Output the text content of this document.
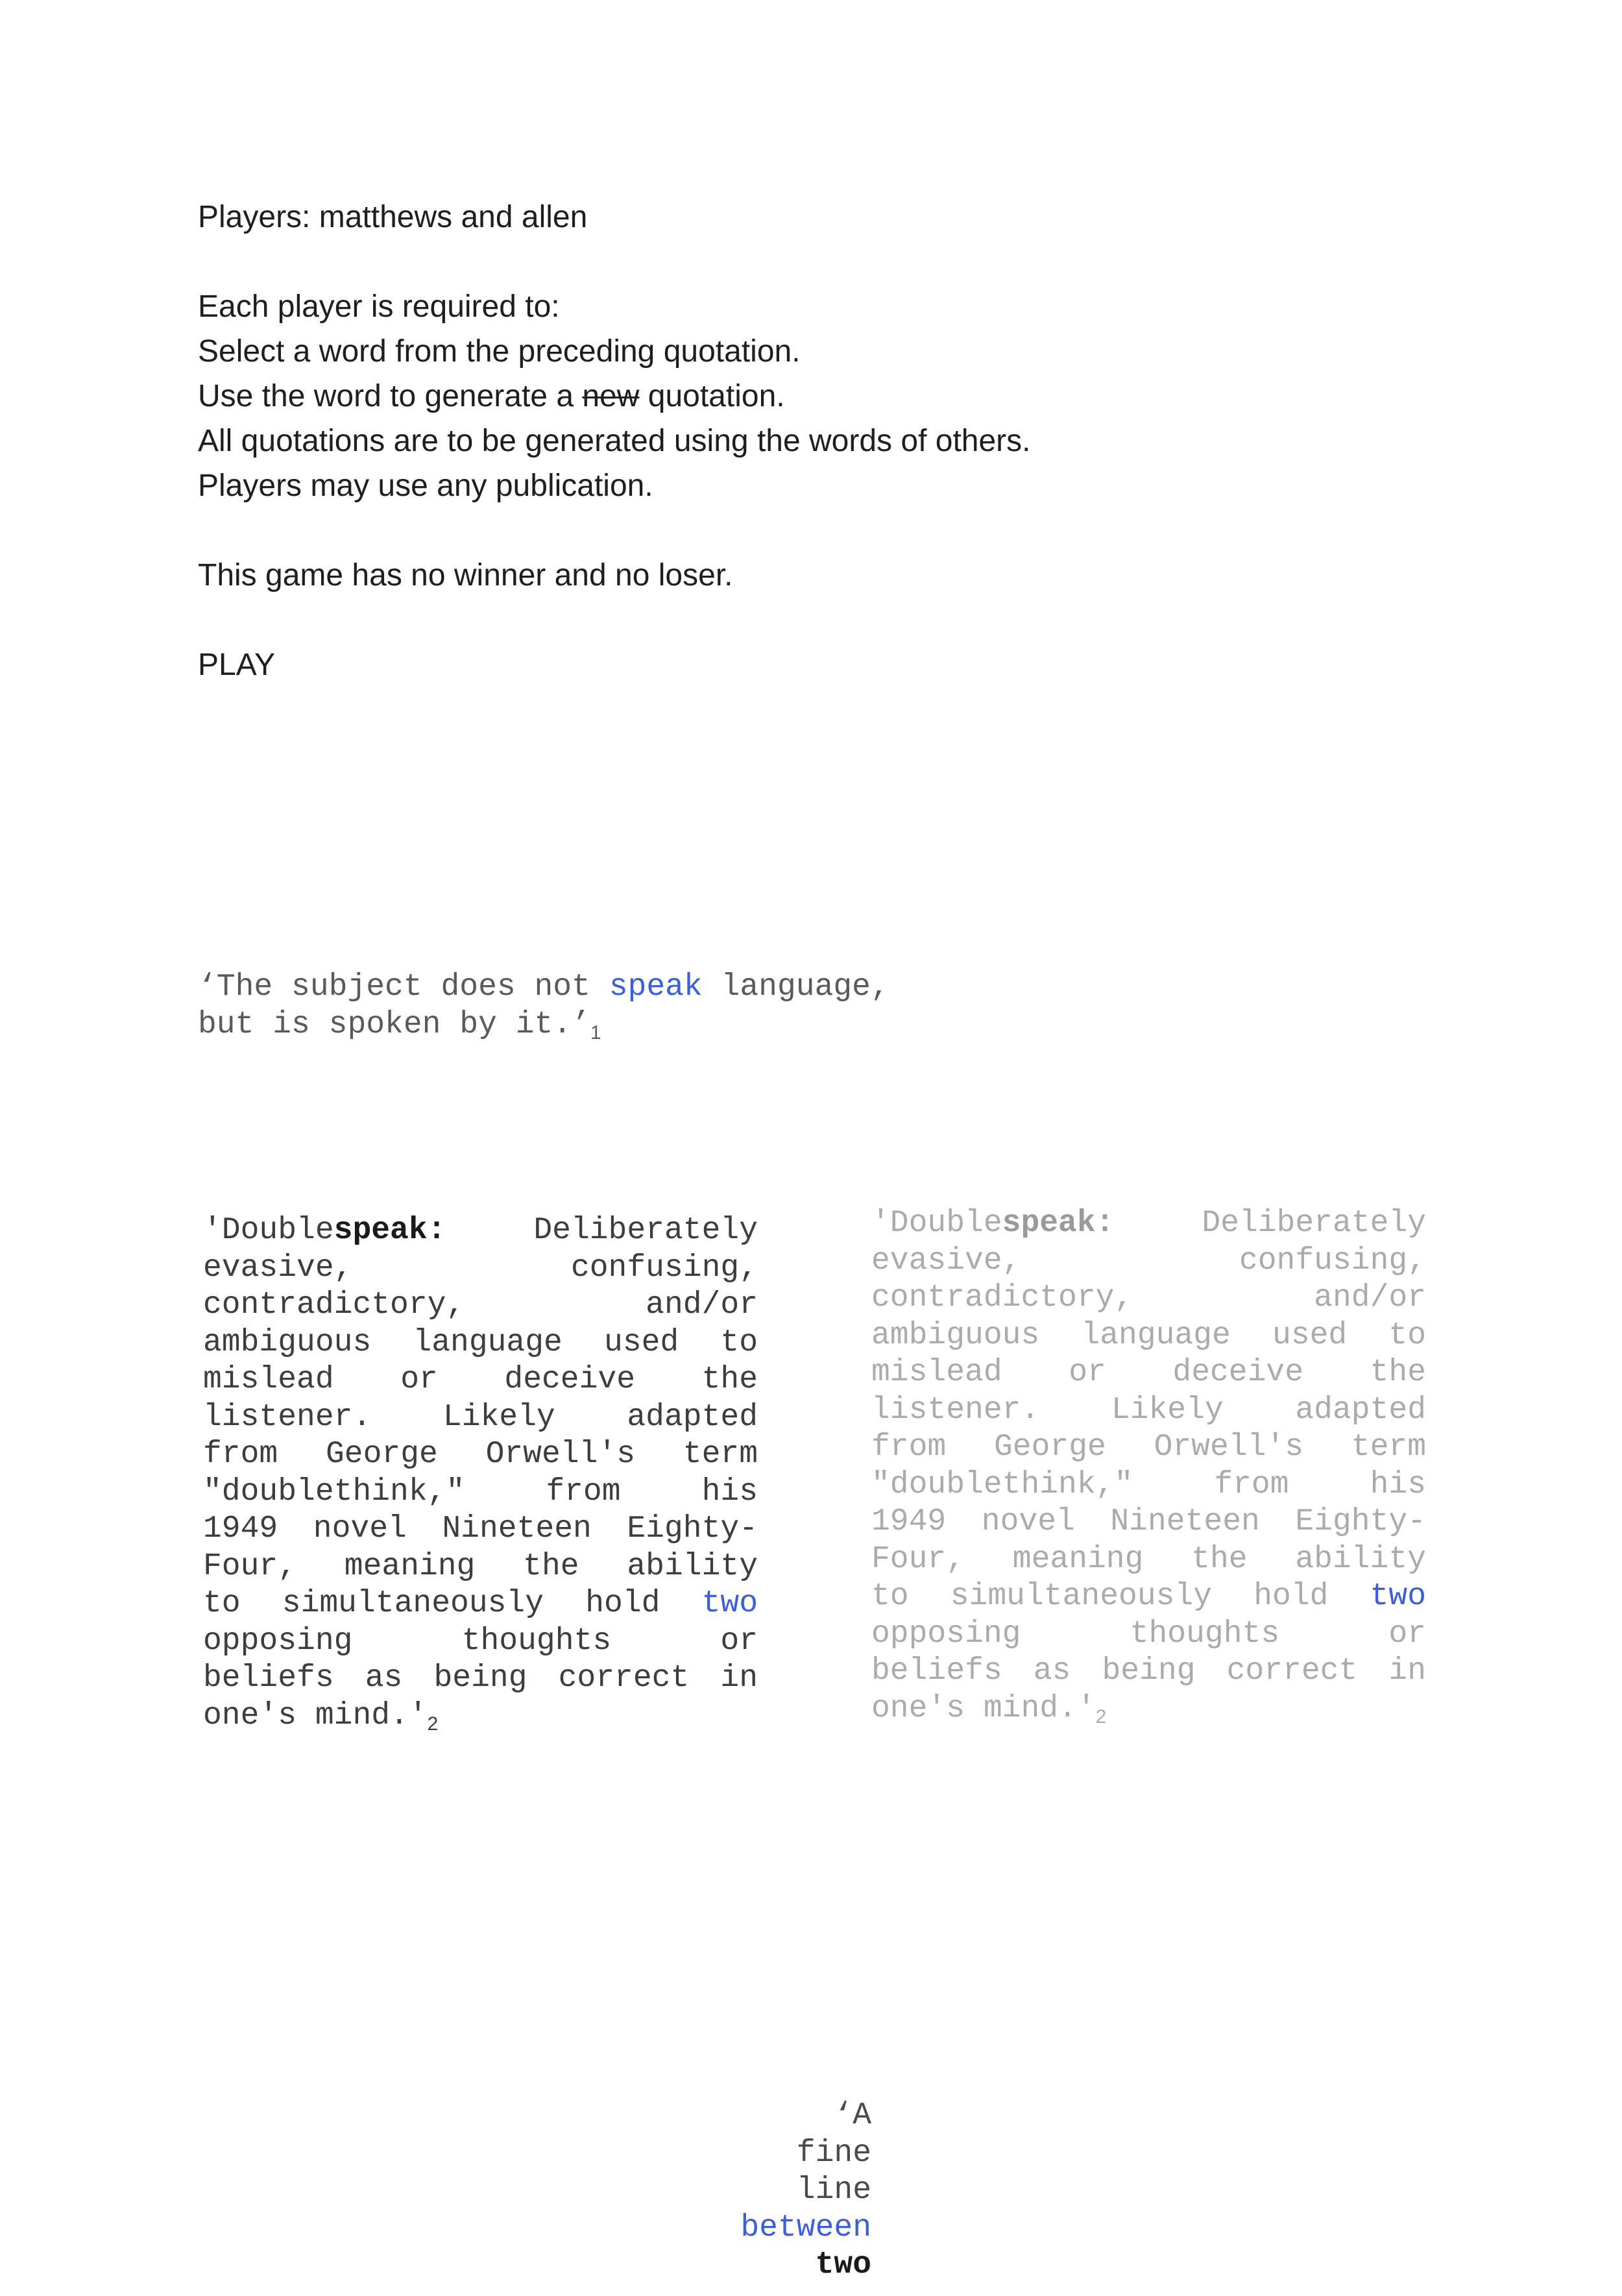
Players: matthews and allen
Each player is required to:
Select a word from the preceding quotation.
Use the word to generate a new quotation.
All quotations are to be generated using the words of others.
Players may use any publication.
This game has no winner and no loser.
PLAY
‘The subject does not speak language,
but is spoken by $it.’_1$
'Doublespeak: Deliberately
evasive, confusing,
contradictory, and/or
ambiguous language used to
mislead or deceive the
listener. Likely adapted
from George Orwell's term
"doublethink," from his
1949 novel Nineteen Eighty-
Four, meaning the ability
to simultaneously hold two
opposing thoughts or
beliefs as being correct in
one's $\min d.'_2$
'Doublespeak: Deliberately
evasive, confusing,
contradictory, and/or
ambiguous language used to
mislead or deceive the
listener. Likely adapted
from George Orwell's term
"doublethink," from his
1949 novel Nineteen Eighty-
Four, meaning the ability
to simultaneously hold two
opposing thoughts or
beliefs as being correct in
one's $\min d.'_2$
‘A
fine
line
between
two
